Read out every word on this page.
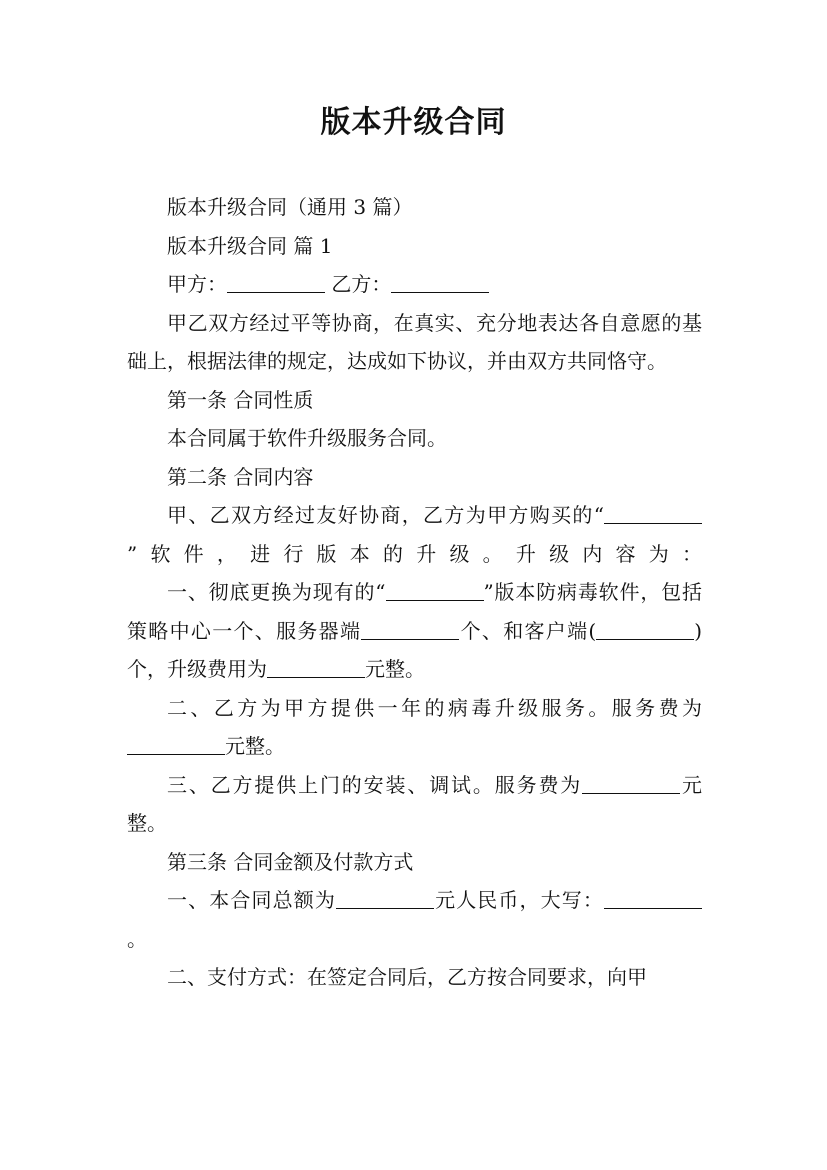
版本升级合同

版本升级合同（通用 3 篇）

版本升级合同 篇 1

甲方：	乙方：

甲乙双方经过平等协商，在真实、充分地表达各自意愿的基础上，根据法律的规定，达成如下协议，并由双方共同恪守。

第一条 合同性质

本合同属于软件升级服务合同。

第二条 合同内容

甲、乙双方经过友好协商，乙方为甲方购买的“”软件，进行版本的升级。升级内容为：

一、彻底更换为现有的“	”版本防病毒软件，包括策略中心一个、服务器端	个、和客户端(	)个，升级费用为	元整。

二、乙方为甲方提供一年的病毒升级服务。服务费为元整。

三、乙方提供上门的安装、调试。服务费为	元整。

第三条 合同金额及付款方式

一、本合同总额为	元人民币，大写：。

二、支付方式：在签定合同后，乙方按合同要求，向甲
